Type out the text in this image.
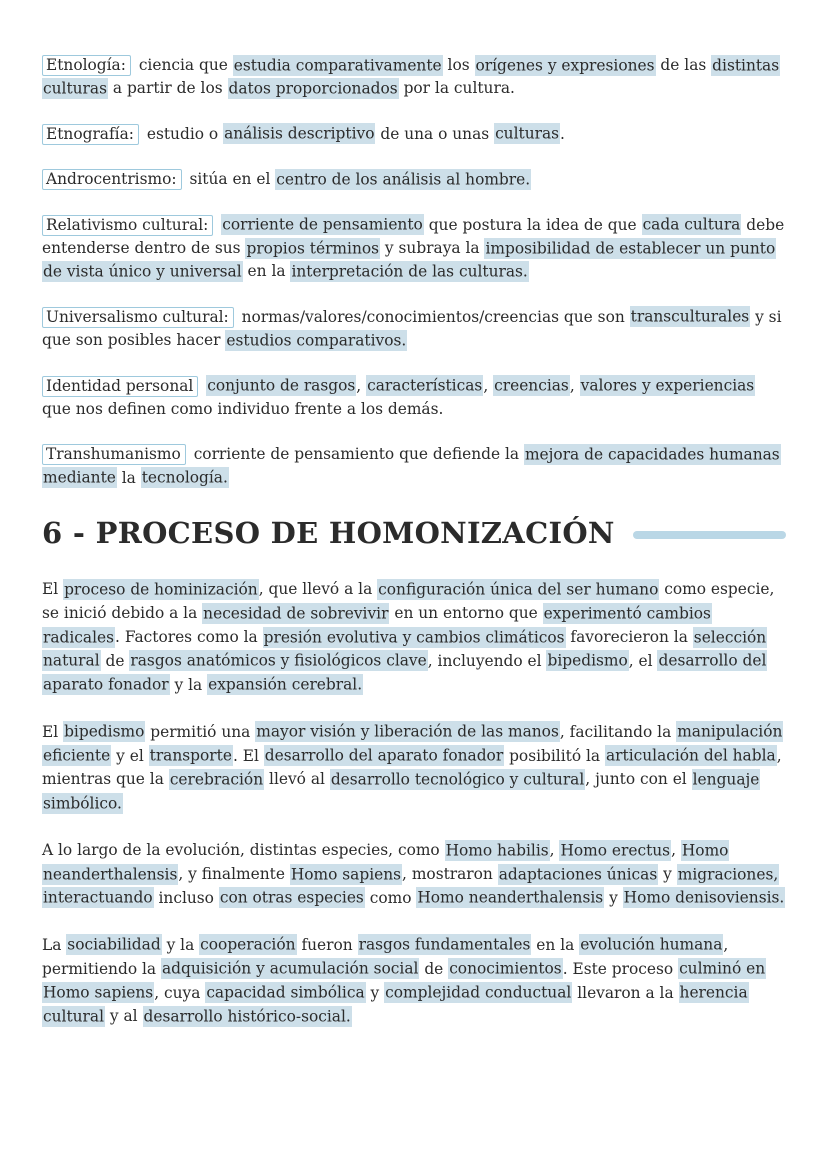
Etnología: ciencia que estudia comparativamente los orígenes y expresiones de las distintas culturas a partir de los datos proporcionados por la cultura.

Etnografía: estudio o análisis descriptivo de una o unas culturas.

Androcentrismo: sitúa en el centro de los análisis al hombre.

Relativismo cultural: corriente de pensamiento que postura la idea de que cada cultura debe entenderse dentro de sus propios términos y subraya la imposibilidad de establecer un punto de vista único y universal en la interpretación de las culturas.

Universalismo cultural: normas/valores/conocimientos/creencias que son transculturales y si que son posibles hacer estudios comparativos.

Identidad personal conjunto de rasgos, características, creencias, valores y experiencias que nos definen como individuo frente a los demás.

Transhumanismo corriente de pensamiento que defiende la mejora de capacidades humanas mediante la tecnología.

6 - PROCESO DE HOMONIZACIÓN

El proceso de hominización, que llevó a la configuración única del ser humano como especie, se inició debido a la necesidad de sobrevivir en un entorno que experimentó cambios radicales. Factores como la presión evolutiva y cambios climáticos favorecieron la selección natural de rasgos anatómicos y fisiológicos clave, incluyendo el bipedismo, el desarrollo del aparato fonador y la expansión cerebral.

El bipedismo permitió una mayor visión y liberación de las manos, facilitando la manipulación eficiente y el transporte. El desarrollo del aparato fonador posibilitó la articulación del habla, mientras que la cerebración llevó al desarrollo tecnológico y cultural, junto con el lenguaje simbólico.

A lo largo de la evolución, distintas especies, como Homo habilis, Homo erectus, Homo neanderthalensis, y finalmente Homo sapiens, mostraron adaptaciones únicas y migraciones, interactuando incluso con otras especies como Homo neanderthalensis y Homo denisoviensis.

La sociabilidad y la cooperación fueron rasgos fundamentales en la evolución humana, permitiendo la adquisición y acumulación social de conocimientos. Este proceso culminó en Homo sapiens, cuya capacidad simbólica y complejidad conductual llevaron a la herencia cultural y al desarrollo histórico-social.
